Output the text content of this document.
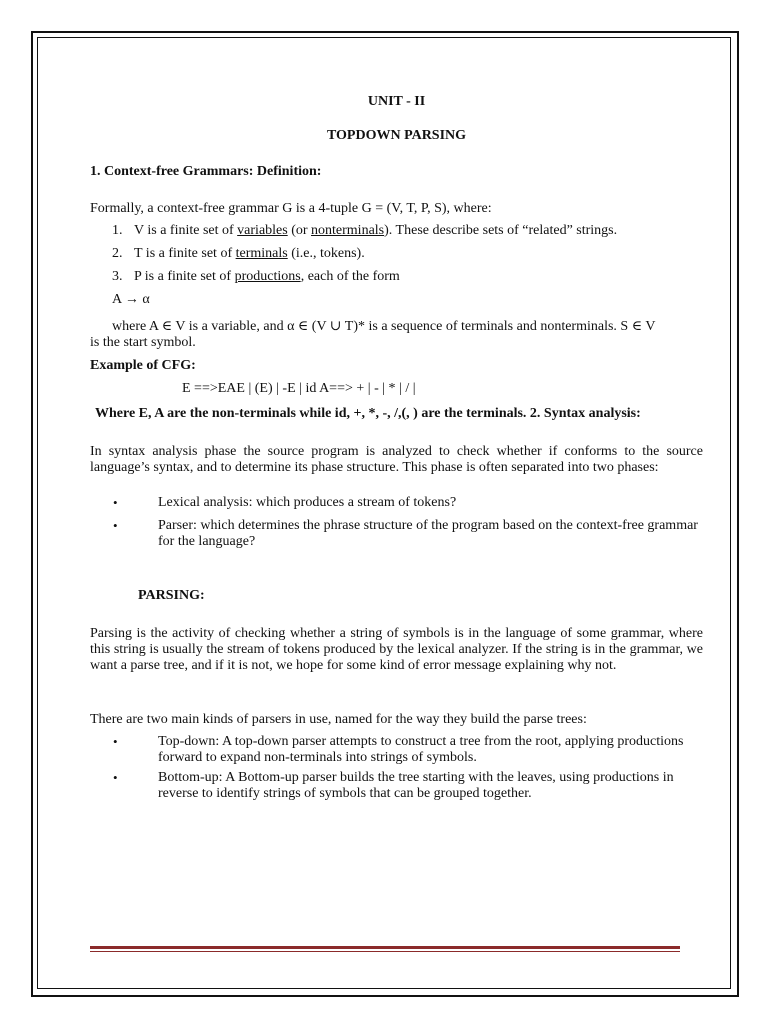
UNIT - II

TOPDOWN PARSING

1. Context-free Grammars: Definition:

Formally, a context-free grammar G is a 4-tuple G = (V, T, P, S), where:

1. V is a finite set of variables (or nonterminals). These describe sets of “related” strings.
2. T is a finite set of terminals (i.e., tokens).
3. P is a finite set of productions, each of the form

A → α

where A ∈ V is a variable, and α ∈ (V ∪ T)* is a sequence of terminals and nonterminals. S ∈ V

is the start symbol.

Example of CFG:

E ==>EAE | (E) | -E | id A==> + | - | * | / |

Where E, A are the non-terminals while id, +, *, -, /,(, ) are the terminals. 2. Syntax analysis:

In syntax analysis phase the source program is analyzed to check whether if conforms to the source language’s syntax, and to determine its phase structure. This phase is often separated into two phases:

•	Lexical analysis: which produces a stream of tokens?
•	Parser: which determines the phrase structure of the program based on the context-free grammar for the language?

PARSING:

Parsing is the activity of checking whether a string of symbols is in the language of some grammar, where this string is usually the stream of tokens produced by the lexical analyzer. If the string is in the grammar, we want a parse tree, and if it is not, we hope for some kind of error message explaining why not.

There are two main kinds of parsers in use, named for the way they build the parse trees:

•	Top-down: A top-down parser attempts to construct a tree from the root, applying productions forward to expand non-terminals into strings of symbols.
•	Bottom-up: A Bottom-up parser builds the tree starting with the leaves, using productions in reverse to identify strings of symbols that can be grouped together.
